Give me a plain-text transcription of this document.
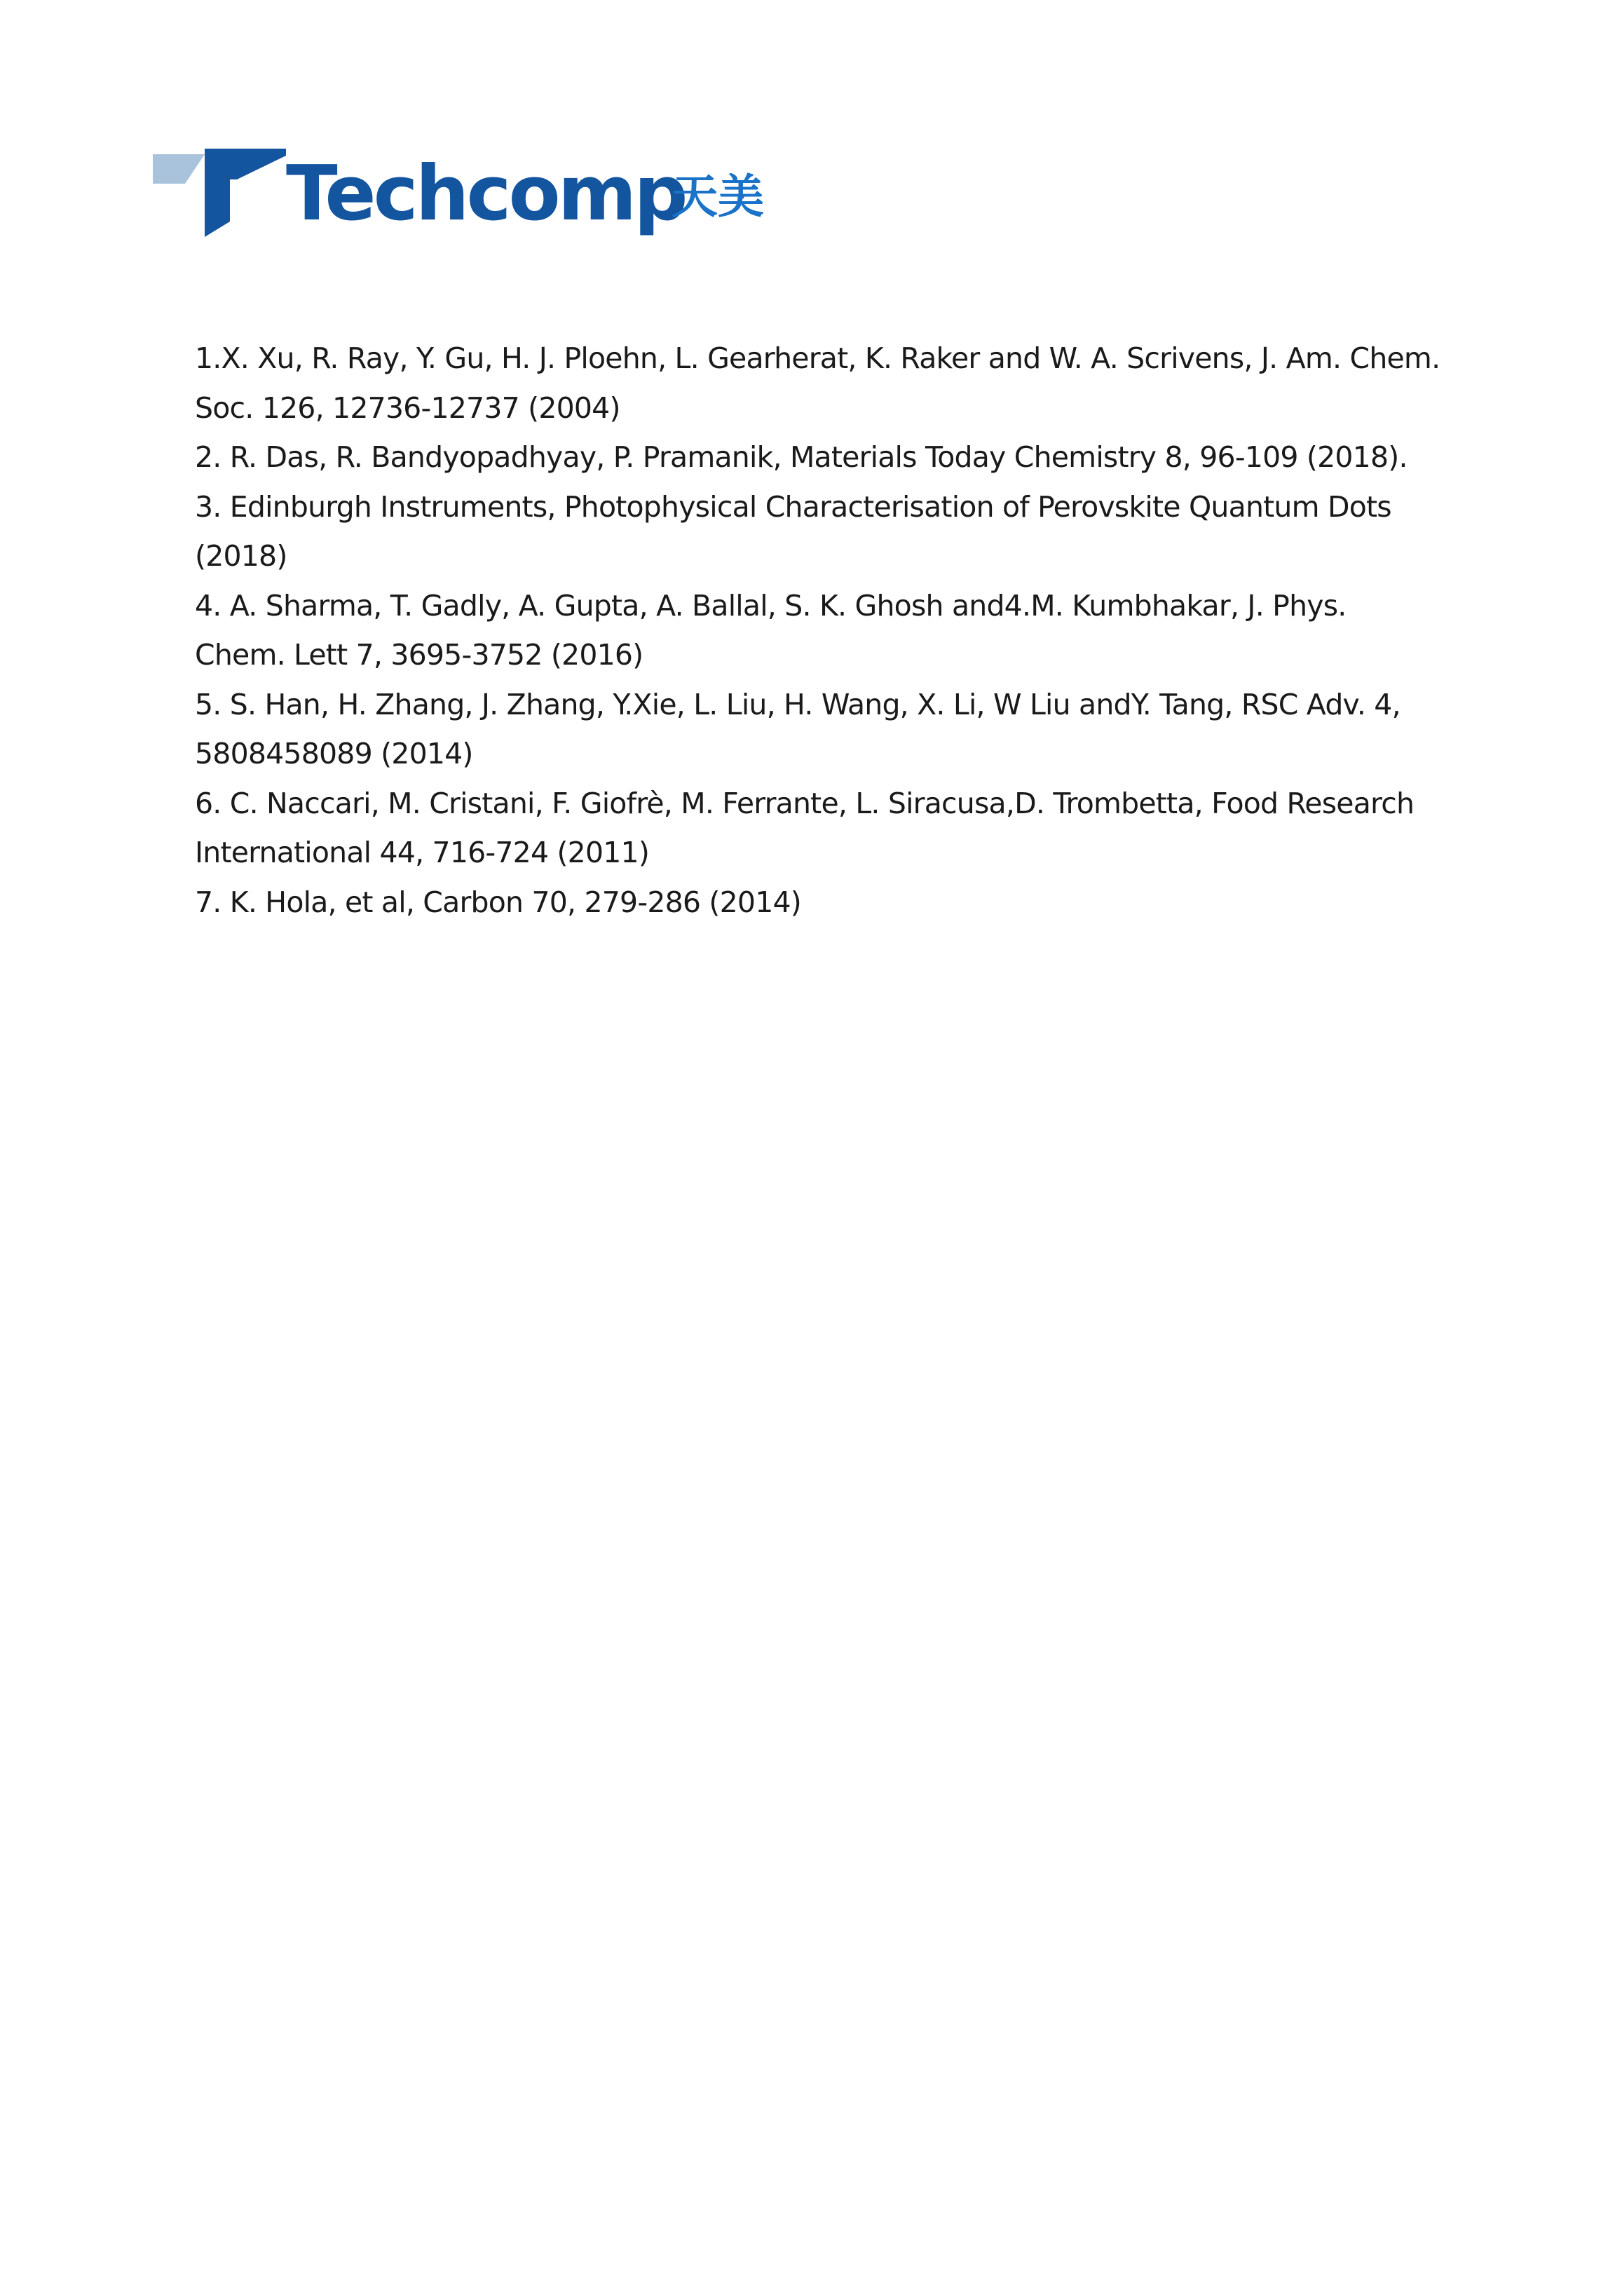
Techcomp
天美
1.X. Xu, R. Ray, Y. Gu, H. J. Ploehn, L. Gearherat, K. Raker and W. A. Scrivens, J. Am. Chem. Soc. 126, 12736-12737 (2004)
2. R. Das, R. Bandyopadhyay, P. Pramanik, Materials Today Chemistry 8, 96-109 (2018).
3. Edinburgh Instruments, Photophysical Characterisation of Perovskite Quantum Dots (2018)
4. A. Sharma, T. Gadly, A. Gupta, A. Ballal, S. K. Ghosh and4.M. Kumbhakar, J. Phys. Chem. Lett 7, 3695-3752 (2016)
5. S. Han, H. Zhang, J. Zhang, Y.Xie, L. Liu, H. Wang, X. Li, W Liu andY. Tang, RSC Adv. 4, 5808458089 (2014)
6. C. Naccari, M. Cristani, F. Giofrè, M. Ferrante, L. Siracusa,D. Trombetta, Food Research International 44, 716-724 (2011)
7. K. Hola, et al, Carbon 70, 279-286 (2014)
